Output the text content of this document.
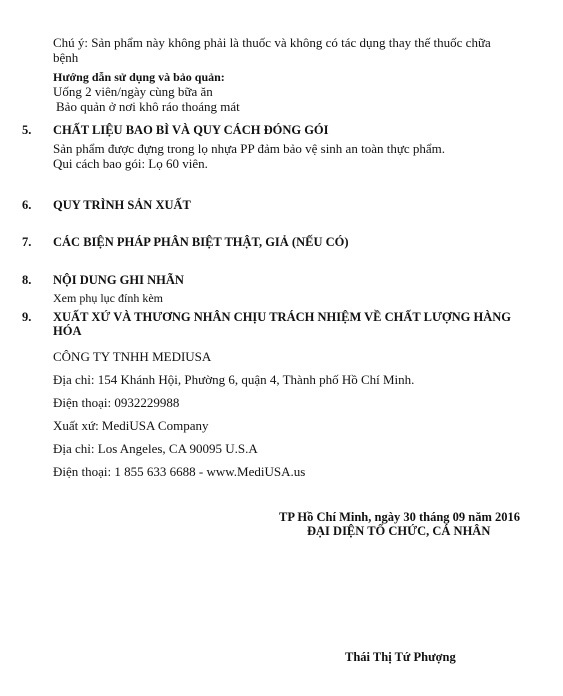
Chú ý: Sản phẩm này không phải là thuốc và không có tác dụng thay thế thuốc chữa
bệnh
Hướng dẫn sử dụng và bảo quản:
Uống 2 viên/ngày cùng bữa ăn
Bảo quản ở nơi khô ráo thoáng mát
5. CHẤT LIỆU BAO BÌ VÀ QUY CÁCH ĐÓNG GÓI
Sản phẩm được đựng trong lọ nhựa PP đảm bảo vệ sinh an toàn thực phẩm.
Qui cách bao gói: Lọ 60 viên.
6. QUY TRÌNH SẢN XUẤT
7. CÁC BIỆN PHÁP PHÂN BIỆT THẬT, GIẢ (NẾU CÓ)
8. NỘI DUNG GHI NHÃN
Xem phụ lục đính kèm
9. XUẤT XỨ VÀ THƯƠNG NHÂN CHỊU TRÁCH NHIỆM VỀ CHẤT LƯỢNG HÀNG
HÓA
CÔNG TY TNHH MEDIUSA
Địa chỉ: 154 Khánh Hội, Phường 6, quận 4, Thành phố Hồ Chí Minh.
Điện thoại: 0932229988
Xuất xứ: MediUSA Company
Địa chỉ: Los Angeles, CA 90095 U.S.A
Điện thoại: 1 855 633 6688 - www.MediUSA.us
TP Hồ Chí Minh, ngày 30 tháng 09 năm 2016
ĐẠI DIỆN TỔ CHỨC, CÁ NHÂN
Thái Thị Tứ Phượng
